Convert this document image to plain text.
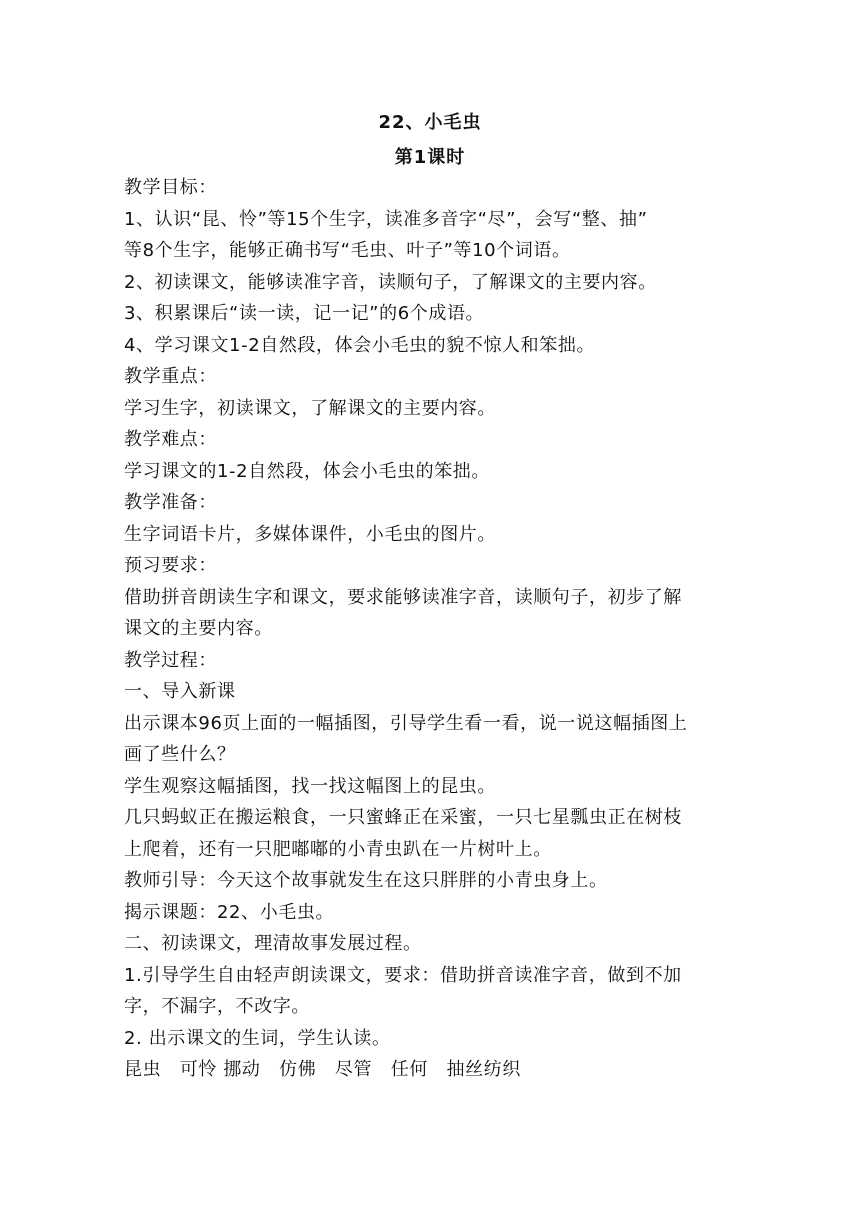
22、小毛虫
第1课时
教学目标：
1、认识“昆、怜”等15个生字，读准多音字“尽”，会写“整、抽”
等8个生字，能够正确书写“毛虫、叶子”等10个词语。
2、初读课文，能够读准字音，读顺句子，了解课文的主要内容。
3、积累课后“读一读，记一记”的6个成语。
4、学习课文1-2自然段，体会小毛虫的貌不惊人和笨拙。
教学重点：
学习生字，初读课文，了解课文的主要内容。
教学难点：
学习课文的1-2自然段，体会小毛虫的笨拙。
教学准备：
生字词语卡片，多媒体课件，小毛虫的图片。
预习要求：
借助拼音朗读生字和课文，要求能够读准字音，读顺句子，初步了解
课文的主要内容。
教学过程：
一、导入新课
出示课本96页上面的一幅插图，引导学生看一看，说一说这幅插图上
画了些什么？
学生观察这幅插图，找一找这幅图上的昆虫。
几只蚂蚁正在搬运粮食，一只蜜蜂正在采蜜，一只七星瓢虫正在树枝
上爬着，还有一只肥嘟嘟的小青虫趴在一片树叶上。
教师引导：今天这个故事就发生在这只胖胖的小青虫身上。
揭示课题：22、小毛虫。
二、初读课文，理清故事发展过程。
1.引导学生自由轻声朗读课文，要求：借助拼音读准字音，做到不加
字，不漏字，不改字。
2. 出示课文的生词，学生认读。
昆虫　可怜 挪动　仿佛　尽管　任何　抽丝纺织
